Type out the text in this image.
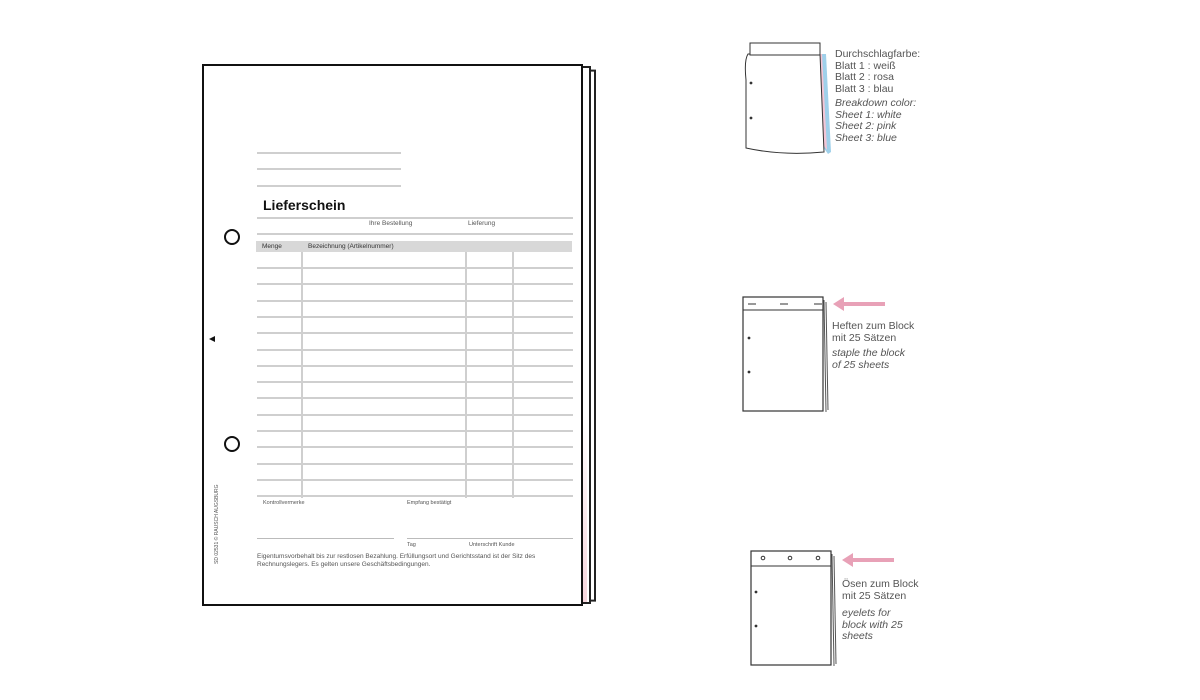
Lieferschein
Ihre Bestellung	Lieferung
Menge	Bezeichnung (Artikelnummer)
Kontrollvermerke	Empfang bestätigt
Tag	Unterschrift Kunde
Eigentumsvorbehalt bis zur restlosen Bezahlung. Erfüllungsort und Gerichtsstand ist der Sitz des Rechnungslegers. Es gelten unsere Geschäftsbedingungen.
SD 02531 © RAUSCH AUGSBURG
Durchschlagfarbe:
Blatt 1 : weiß
Blatt 2 : rosa
Blatt 3 : blau
Breakdown color:
Sheet 1: white
Sheet 2: pink
Sheet 3: blue
Heften zum Block
mit 25 Sätzen
staple the block
of 25 sheets
Ösen zum Block
mit 25 Sätzen
eyelets for
block with 25
sheets
